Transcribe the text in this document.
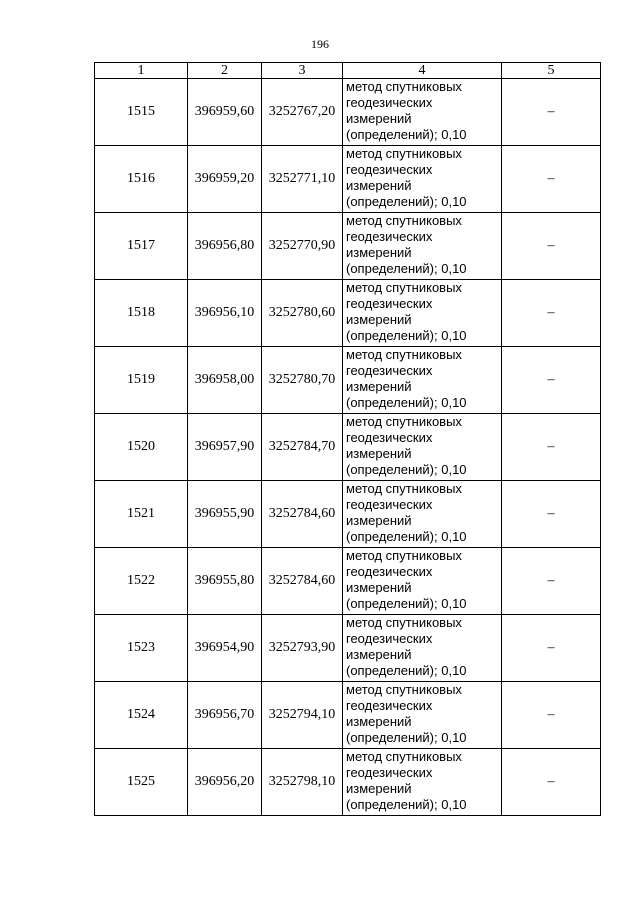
196
1	2	3	4	5
1515	396959,60	3252767,20	метод спутниковых
геодезических
измерений
(определений); 0,10	–
1516	396959,20	3252771,10	метод спутниковых
геодезических
измерений
(определений); 0,10	–
1517	396956,80	3252770,90	метод спутниковых
геодезических
измерений
(определений); 0,10	–
1518	396956,10	3252780,60	метод спутниковых
геодезических
измерений
(определений); 0,10	–
1519	396958,00	3252780,70	метод спутниковых
геодезических
измерений
(определений); 0,10	–
1520	396957,90	3252784,70	метод спутниковых
геодезических
измерений
(определений); 0,10	–
1521	396955,90	3252784,60	метод спутниковых
геодезических
измерений
(определений); 0,10	–
1522	396955,80	3252784,60	метод спутниковых
геодезических
измерений
(определений); 0,10	–
1523	396954,90	3252793,90	метод спутниковых
геодезических
измерений
(определений); 0,10	–
1524	396956,70	3252794,10	метод спутниковых
геодезических
измерений
(определений); 0,10	–
1525	396956,20	3252798,10	метод спутниковых
геодезических
измерений
(определений); 0,10	–
